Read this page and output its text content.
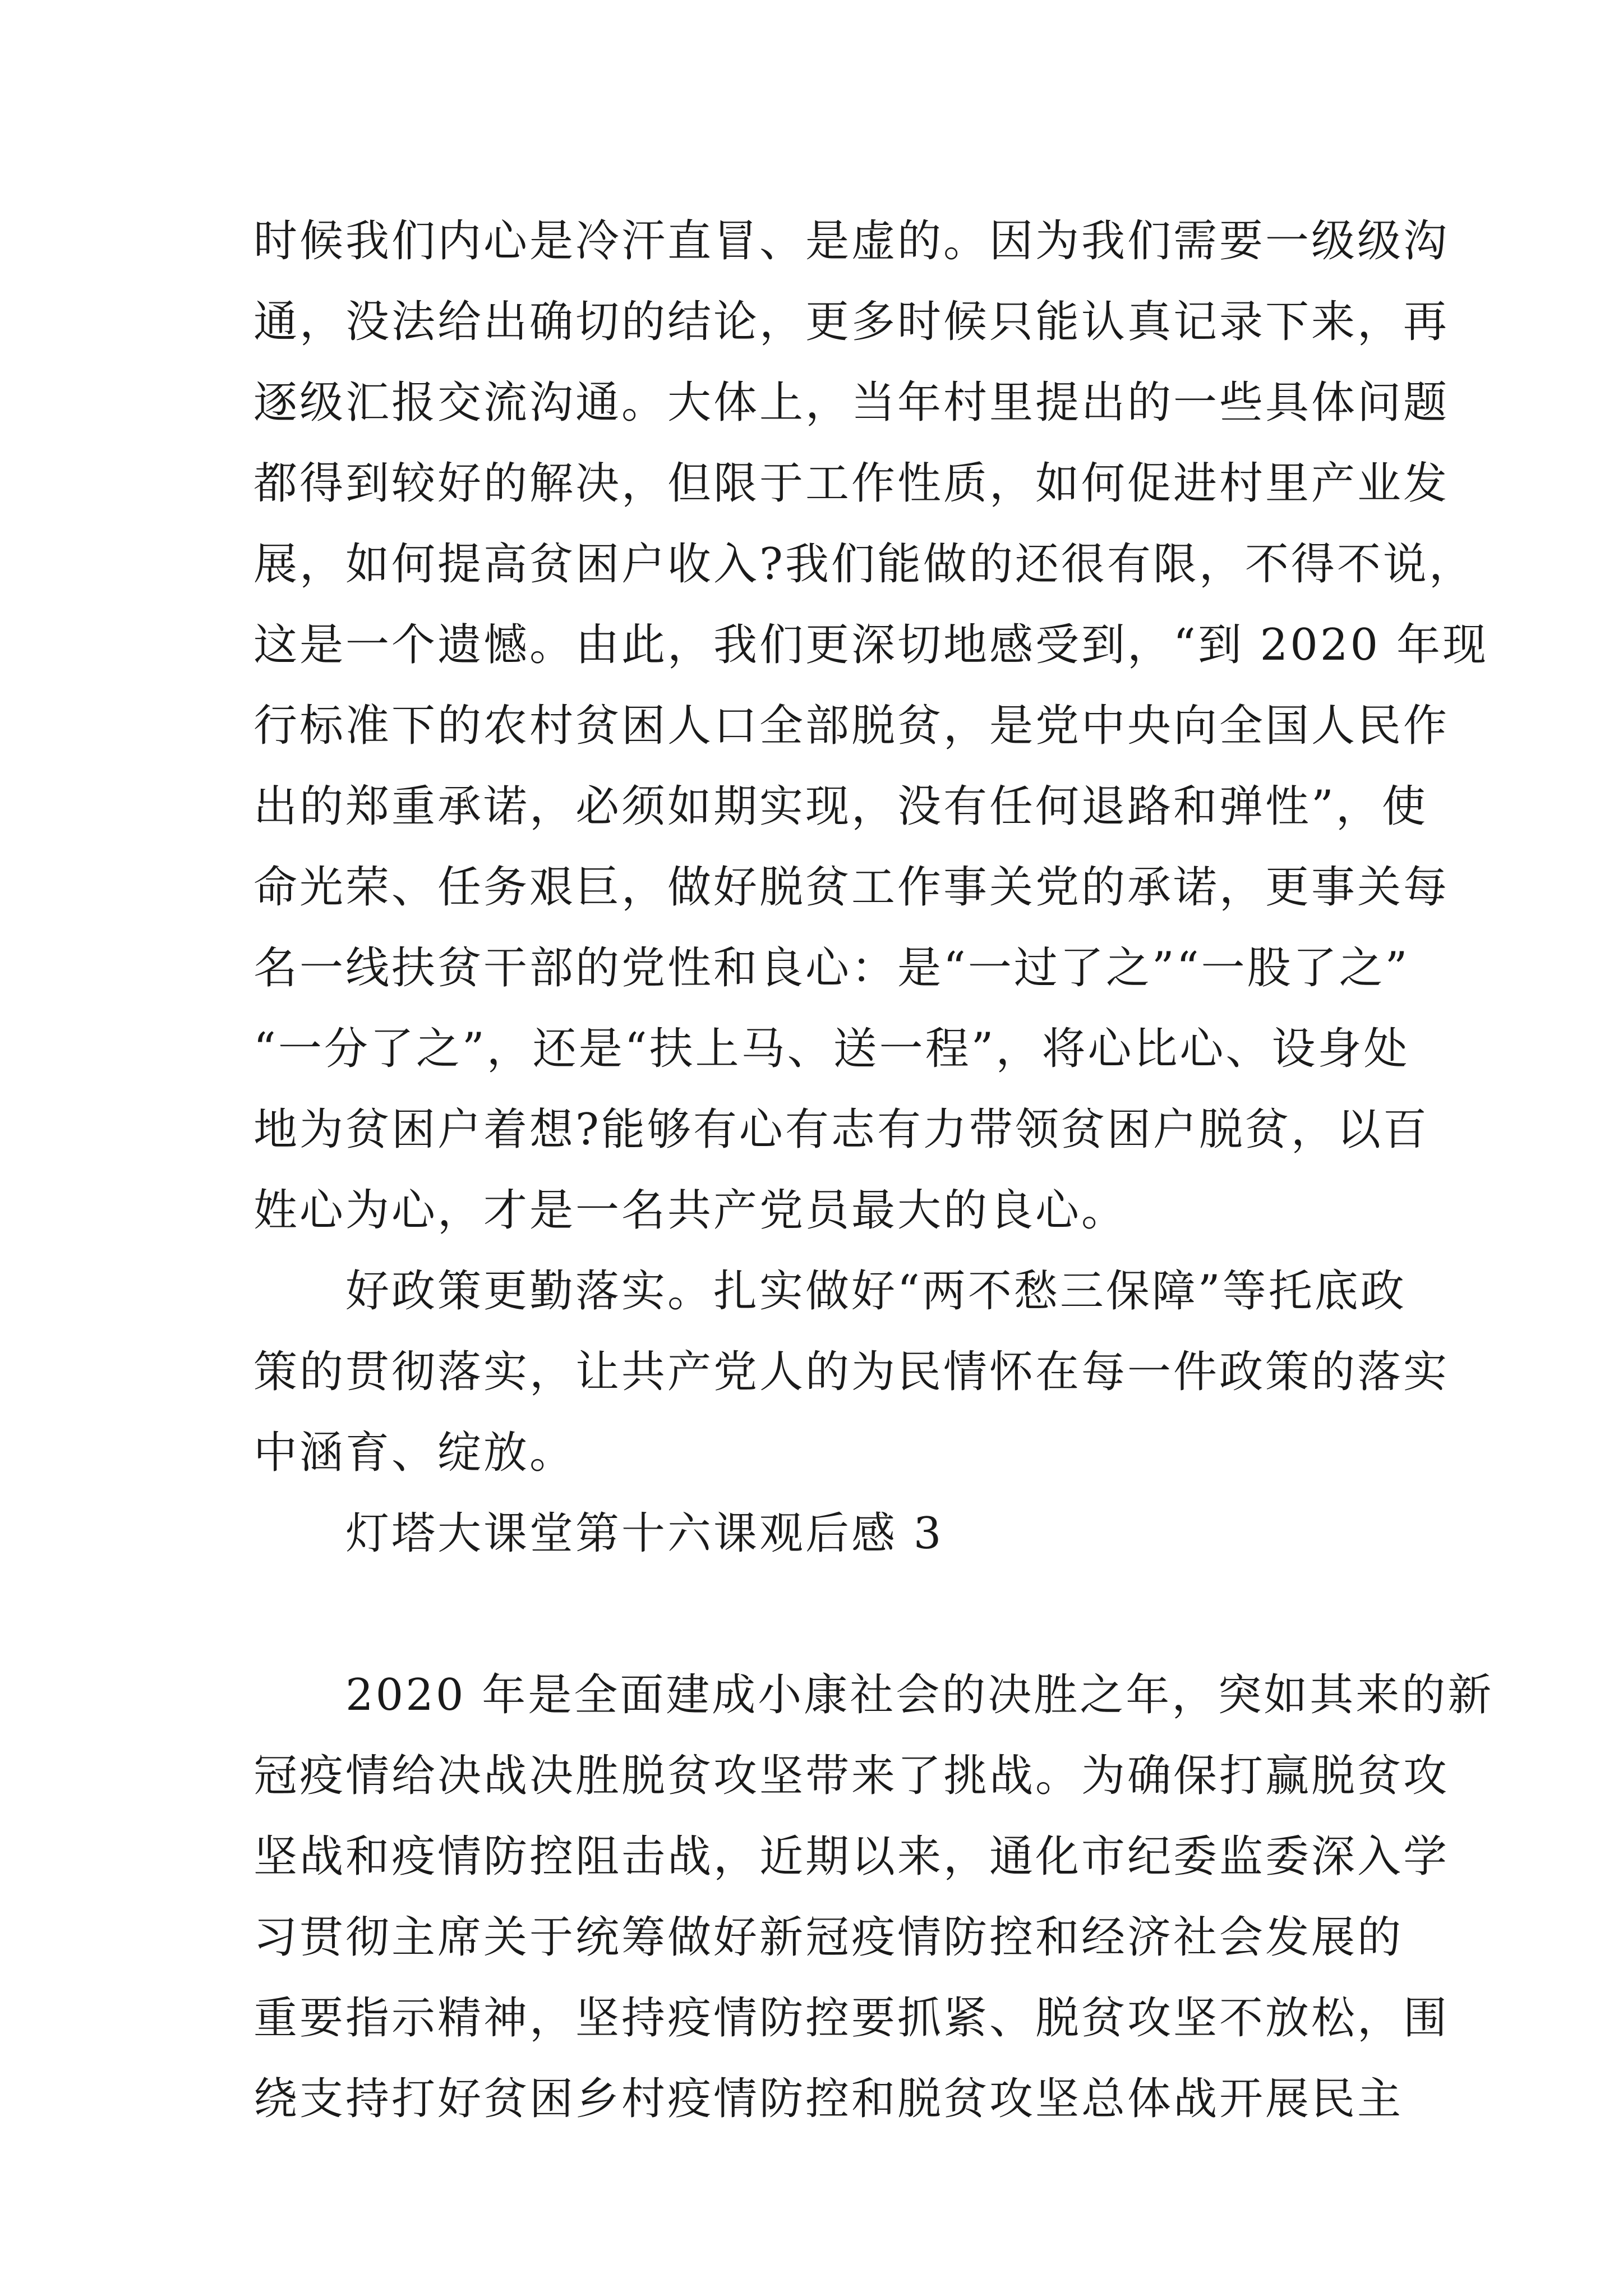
时候我们内心是冷汗直冒、是虚的。因为我们需要一级级沟
通，没法给出确切的结论，更多时候只能认真记录下来，再
逐级汇报交流沟通。大体上，当年村里提出的一些具体问题
都得到较好的解决，但限于工作性质，如何促进村里产业发
展，如何提高贫困户收入?我们能做的还很有限，不得不说，
这是一个遗憾。由此，我们更深切地感受到，“到 2020 年现
行标准下的农村贫困人口全部脱贫，是党中央向全国人民作
出的郑重承诺，必须如期实现，没有任何退路和弹性”，使
命光荣、任务艰巨，做好脱贫工作事关党的承诺，更事关每
名一线扶贫干部的党性和良心：是“一过了之”“一股了之”
“一分了之”，还是“扶上马、送一程”，将心比心、设身处
地为贫困户着想?能够有心有志有力带领贫困户脱贫，以百
姓心为心，才是一名共产党员最大的良心。
　　好政策更勤落实。扎实做好“两不愁三保障”等托底政
策的贯彻落实，让共产党人的为民情怀在每一件政策的落实
中涵育、绽放。
　　灯塔大课堂第十六课观后感 3
　　2020 年是全面建成小康社会的决胜之年，突如其来的新
冠疫情给决战决胜脱贫攻坚带来了挑战。为确保打赢脱贫攻
坚战和疫情防控阻击战，近期以来，通化市纪委监委深入学
习贯彻主席关于统筹做好新冠疫情防控和经济社会发展的
重要指示精神，坚持疫情防控要抓紧、脱贫攻坚不放松，围
绕支持打好贫困乡村疫情防控和脱贫攻坚总体战开展民主
